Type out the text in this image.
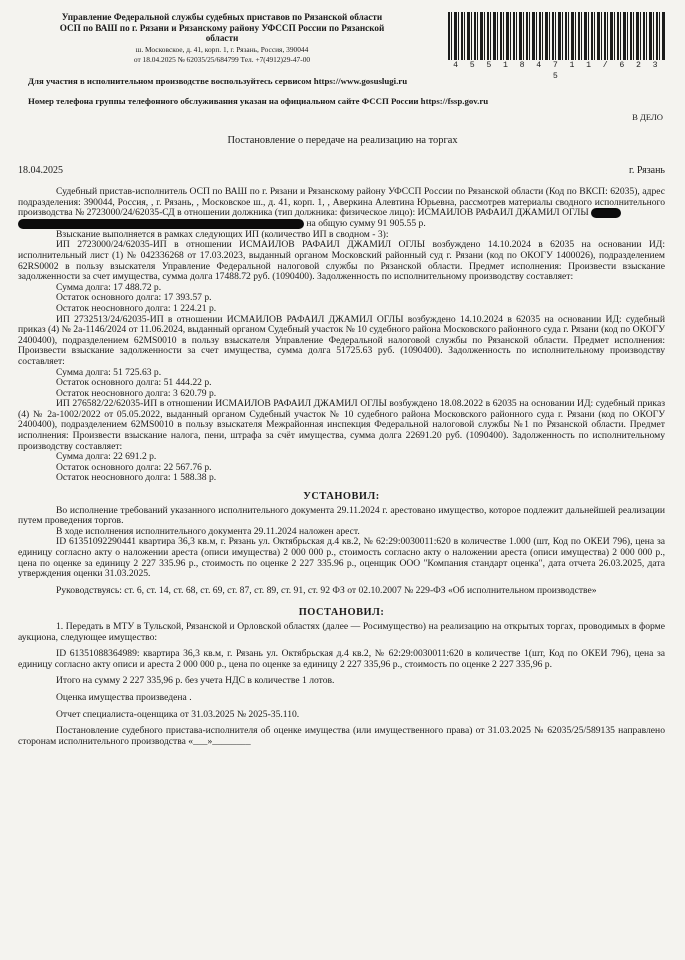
Управление Федеральной службы судебных приставов по Рязанской области
ОСП по ВАШ по г. Рязани и Рязанскому району УФССП России по Рязанской
области
ш. Московское, д. 41, корп. 1, г. Рязань, Россия, 390044
от 18.04.2025 № 62035/25/684799 Тел. +7(4912)29-47-00
4 5 5 1 8 4 7 1 1 / 6 2 3 5
Для участия в исполнительном производстве воспользуйтесь сервисом https://www.gosuslugi.ru
Номер телефона группы телефонного обслуживания указан на официальном сайте ФССП России https://fssp.gov.ru
В ДЕЛО
Постановление о передаче на реализацию на торгах
18.04.2025	г. Рязань

Судебный пристав-исполнитель ОСП по ВАШ по г. Рязани и Рязанскому району УФССП России по Рязанской области (Код по ВКСП: 62035), адрес подразделения: 390044, Россия, , г. Рязань, , Московское ш., д. 41, корп. 1, , Аверкина Алевтина Юрьевна, рассмотрев материалы сводного исполнительного производства № 2723000/24/62035-СД в отношении должника (тип должника: физическое лицо): ИСМАИЛОВ РАФАИЛ ДЖАМИЛ ОГЛЫ

на общую сумму 91 905.55 р.

Взыскание выполняется в рамках следующих ИП (количество ИП в сводном - 3):

ИП 2723000/24/62035-ИП в отношении ИСМАИЛОВ РАФАИЛ ДЖАМИЛ ОГЛЫ возбуждено 14.10.2024 в 62035 на основании ИД: исполнительный лист (1) № 042336268 от 17.03.2023, выданный органом Московский районный суд г. Рязани (код по ОКОГУ 1400026), подразделением 62RS0002 в пользу взыскателя Управление Федеральной налоговой службы по Рязанской области. Предмет исполнения: Произвести взыскание задолженности за счет имущества, сумма долга 17488.72 руб. (1090400). Задолженность по исполнительному производству составляет:

Сумма долга: 17 488.72 р.

Остаток основного долга: 17 393.57 р.

Остаток неосновного долга: 1 224.21 р.

ИП 2732513/24/62035-ИП в отношении ИСМАИЛОВ РАФАИЛ ДЖАМИЛ ОГЛЫ возбуждено 14.10.2024 в 62035 на основании ИД: судебный приказ (4) № 2а-1146/2024 от 11.06.2024, выданный органом Судебный участок № 10 судебного района Московского районного суда г. Рязани (код по ОКОГУ 2400400), подразделением 62MS0010 в пользу взыскателя Управление Федеральной налоговой службы по Рязанской области. Предмет исполнения: Произвести взыскание задолженности за счет имущества, сумма долга 51725.63 руб. (1090400). Задолженность по исполнительному производству составляет:

Сумма долга: 51 725.63 р.

Остаток основного долга: 51 444.22 р.

Остаток неосновного долга: 3 620.79 р.

ИП 276582/22/62035-ИП в отношении ИСМАИЛОВ РАФАИЛ ДЖАМИЛ ОГЛЫ возбуждено 18.08.2022 в 62035 на основании ИД: судебный приказ (4) № 2а-1002/2022 от 05.05.2022, выданный органом Судебный участок № 10 судебного района Московского районного суда г. Рязани (код по ОКОГУ 2400400), подразделением 62MS0010 в пользу взыскателя Межрайонная инспекция Федеральной налоговой службы №1 по Рязанской области. Предмет исполнения: Произвести взыскание налога, пени, штрафа за счёт имущества, сумма долга 22691.20 руб. (1090400). Задолженность по исполнительному производству составляет:

Сумма долга: 22 691.2 р.

Остаток основного долга: 22 567.76 р.

Остаток неосновного долга: 1 588.38 р.

УСТАНОВИЛ:

Во исполнение требований указанного исполнительного документа 29.11.2024 г. арестовано имущество, которое подлежит дальнейшей реализации путем проведения торгов.

В ходе исполнения исполнительного документа 29.11.2024 наложен арест.

ID 61351092290441 квартира 36,3 кв.м, г. Рязань ул. Октябрьская д.4 кв.2, № 62:29:0030011:620 в количестве 1.000 (шт, Код по ОКЕИ 796), цена за единицу согласно акту о наложении ареста (описи имущества) 2 000 000 р., стоимость согласно акту о наложении ареста (описи имущества) 2 000 000 р., цена по оценке за единицу 2 227 335.96 р., стоимость по оценке 2 227 335.96 р., оценщик ООО "Компания стандарт оценка", дата отчета 26.03.2025, дата утверждения оценки 31.03.2025.

Руководствуясь: ст. 6, ст. 14, ст. 68, ст. 69, ст. 87, ст. 89, ст. 91, ст. 92 ФЗ от 02.10.2007 № 229-ФЗ «Об исполнительном производстве»

ПОСТАНОВИЛ:

1. Передать в МТУ в Тульской, Рязанской и Орловской областях (далее — Росимущество) на реализацию на открытых торгах, проводимых в форме аукциона, следующее имущество:

ID 61351088364989: квартира 36,3 кв.м, г. Рязань ул. Октябрьская д.4 кв.2, № 62:29:0030011:620 в количестве 1(шт, Код по ОКЕИ 796), цена за единицу согласно акту описи и ареста 2 000 000 р., цена по оценке за единицу 2 227 335,96 р., стоимость по оценке 2 227 335,96 р.

Итого на сумму 2 227 335,96 р. без учета НДС в количестве 1 лотов.

Оценка имущества произведена .

Отчет специалиста-оценщика от 31.03.2025 № 2025-35.110.

Постановление судебного пристава-исполнителя об оценке имущества (или имущественного права) от 31.03.2025 № 62035/25/589135 направлено сторонам исполнительного производства «___»________
